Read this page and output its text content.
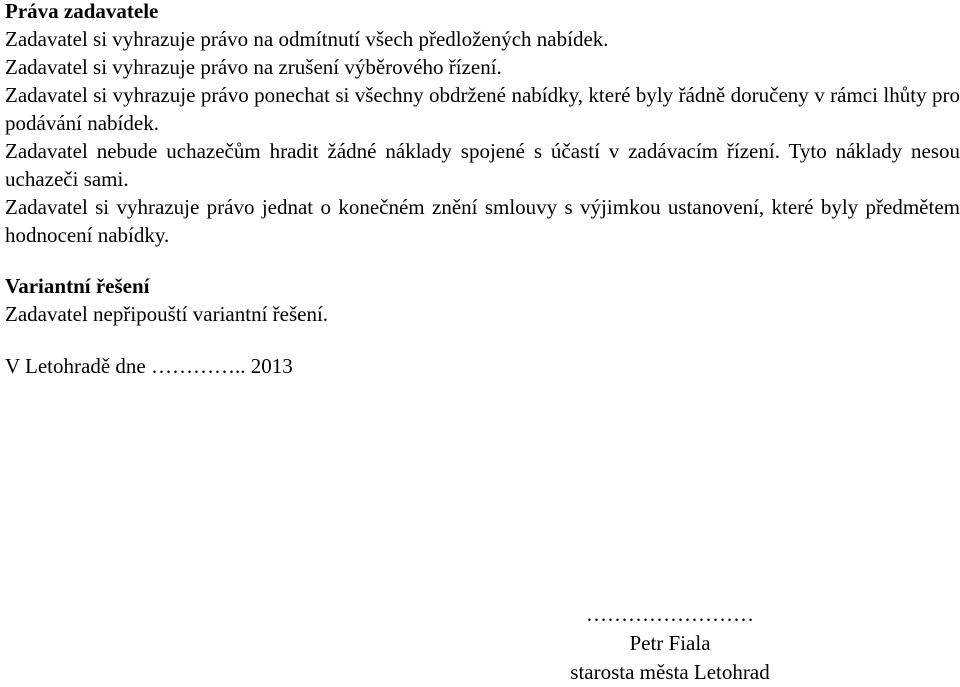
Práva zadavatele

Zadavatel si vyhrazuje právo na odmítnutí všech předložených nabídek.

Zadavatel si vyhrazuje právo na zrušení výběrového řízení.

Zadavatel si vyhrazuje právo ponechat si všechny obdržené nabídky, které byly řádně doručeny v rámci lhůty pro podávání nabídek.

Zadavatel nebude uchazečům hradit žádné náklady spojené s účastí v zadávacím řízení. Tyto náklady nesou uchazeči sami.

Zadavatel si vyhrazuje právo jednat o konečném znění smlouvy s výjimkou ustanovení, které byly předmětem hodnocení nabídky.

Variantní řešení

Zadavatel nepřipouští variantní řešení.

V Letohradě dne ………….. 2013

……………………
Petr Fiala
starosta města Letohrad
